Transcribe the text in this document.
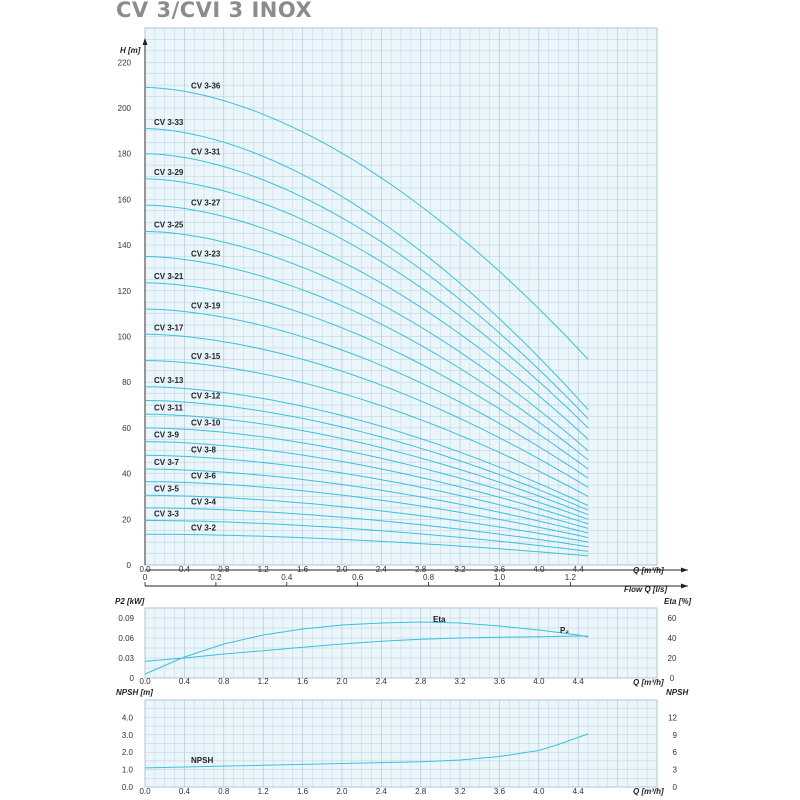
CV 3/CVI 3 INOX
H [m]
0
20
40
60
80
100
120
140
160
180
200
220
0.0	0.4	0.8	1.2	1.6	2.0	2.4	2.8	3.2	3.6	4.0	4.4	Q [m³/h]
CV 3-2
CV 3-3
CV 3-4
CV 3-5
CV 3-6
CV 3-7
CV 3-8
CV 3-9
CV 3-10
CV 3-11
CV 3-12
CV 3-13
CV 3-15
CV 3-17
CV 3-19
CV 3-21
CV 3-23
CV 3-25
CV 3-27
CV 3-29
CV 3-31
CV 3-33
CV 3-36
0	0.2	0.4	0.6	0.8	1.0	1.2
Flow Q [l/s]
P2 [kW]	Eta [%]
0
0.03
0.06
0.09
0
20
40
60
0.0	0.4	0.8	1.2	1.6	2.0	2.4	2.8	3.2	3.6	4.0	4.4	Q [m³/h]
Eta
P₂
NPSH [m]	NPSH
0.0
1.0
2.0
3.0
4.0
0
3
6
9
12
0.0	0.4	0.8	1.2	1.6	2.0	2.4	2.8	3.2	3.6	4.0	4.4	Q [m³/h]
NPSH
